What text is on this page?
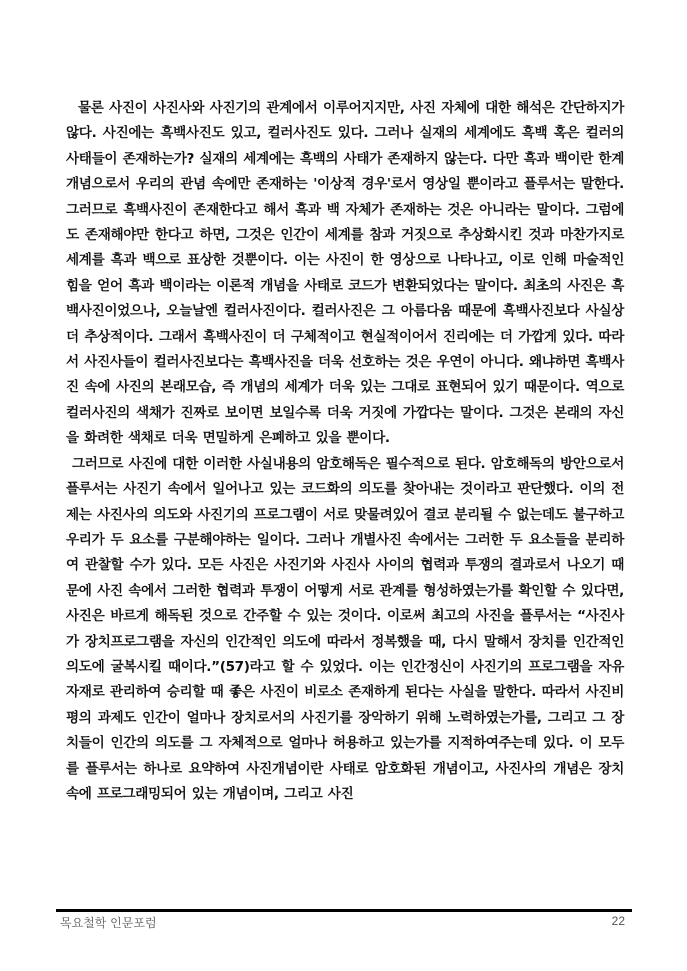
물론 사진이 사진사와 사진기의 관계에서 이루어지지만, 사진 자체에 대한 해석은 간단하지가 않다. 사진에는 흑백사진도 있고, 컬러사진도 있다. 그러나 실재의 세계에도 흑백 혹은 컬러의 사태들이 존재하는가? 실재의 세계에는 흑백의 사태가 존재하지 않는다. 다만 흑과 백이란 한계개념으로서 우리의 관념 속에만 존재하는 '이상적 경우'로서 영상일 뿐이라고 플루서는 말한다. 그러므로 흑백사진이 존재한다고 해서 흑과 백 자체가 존재하는 것은 아니라는 말이다. 그럼에도 존재해야만 한다고 하면, 그것은 인간이 세계를 참과 거짓으로 추상화시킨 것과 마찬가지로 세계를 흑과 백으로 표상한 것뿐이다. 이는 사진이 한 영상으로 나타나고, 이로 인해 마술적인 힘을 얻어 흑과 백이라는 이론적 개념을 사태로 코드가 변환되었다는 말이다. 최초의 사진은 흑백사진이었으나, 오늘날엔 컬러사진이다. 컬러사진은 그 아름다움 때문에 흑백사진보다 사실상 더 추상적이다. 그래서 흑백사진이 더 구체적이고 현실적이어서 진리에는 더 가깝게 있다. 따라서 사진사들이 컬러사진보다는 흑백사진을 더욱 선호하는 것은 우연이 아니다. 왜냐하면 흑백사진 속에 사진의 본래모습, 즉 개념의 세계가 더욱 있는 그대로 표현되어 있기 때문이다. 역으로 컬러사진의 색채가 진짜로 보이면 보일수록 더욱 거짓에 가깝다는 말이다. 그것은 본래의 자신을 화려한 색채로 더욱 면밀하게 은폐하고 있을 뿐이다.

그러므로 사진에 대한 이러한 사실내용의 암호해독은 필수적으로 된다. 암호해독의 방안으로서 플루서는 사진기 속에서 일어나고 있는 코드화의 의도를 찾아내는 것이라고 판단했다. 이의 전제는 사진사의 의도와 사진기의 프로그램이 서로 맞물려있어 결코 분리될 수 없는데도 불구하고 우리가 두 요소를 구분해야하는 일이다. 그러나 개별사진 속에서는 그러한 두 요소들을 분리하여 관찰할 수가 있다. 모든 사진은 사진기와 사진사 사이의 협력과 투쟁의 결과로서 나오기 때문에 사진 속에서 그러한 협력과 투쟁이 어떻게 서로 관계를 형성하였는가를 확인할 수 있다면, 사진은 바르게 해독된 것으로 간주할 수 있는 것이다. 이로써 최고의 사진을 플루서는 “사진사가 장치프로그램을 자신의 인간적인 의도에 따라서 정복했을 때, 다시 말해서 장치를 인간적인 의도에 굴복시킬 때이다.”(57)라고 할 수 있었다. 이는 인간정신이 사진기의 프로그램을 자유자재로 관리하여 승리할 때 좋은 사진이 비로소 존재하게 된다는 사실을 말한다. 따라서 사진비평의 과제도 인간이 얼마나 장치로서의 사진기를 장악하기 위해 노력하였는가를, 그리고 그 장치들이 인간의 의도를 그 자체적으로 얼마나 허용하고 있는가를 지적하여주는데 있다. 이 모두를 플루서는 하나로 요약하여 사진개념이란 사태로 암호화된 개념이고, 사진사의 개념은 장치 속에 프로그래밍되어 있는 개념이며, 그리고 사진

목요철학 인문포럼	22
